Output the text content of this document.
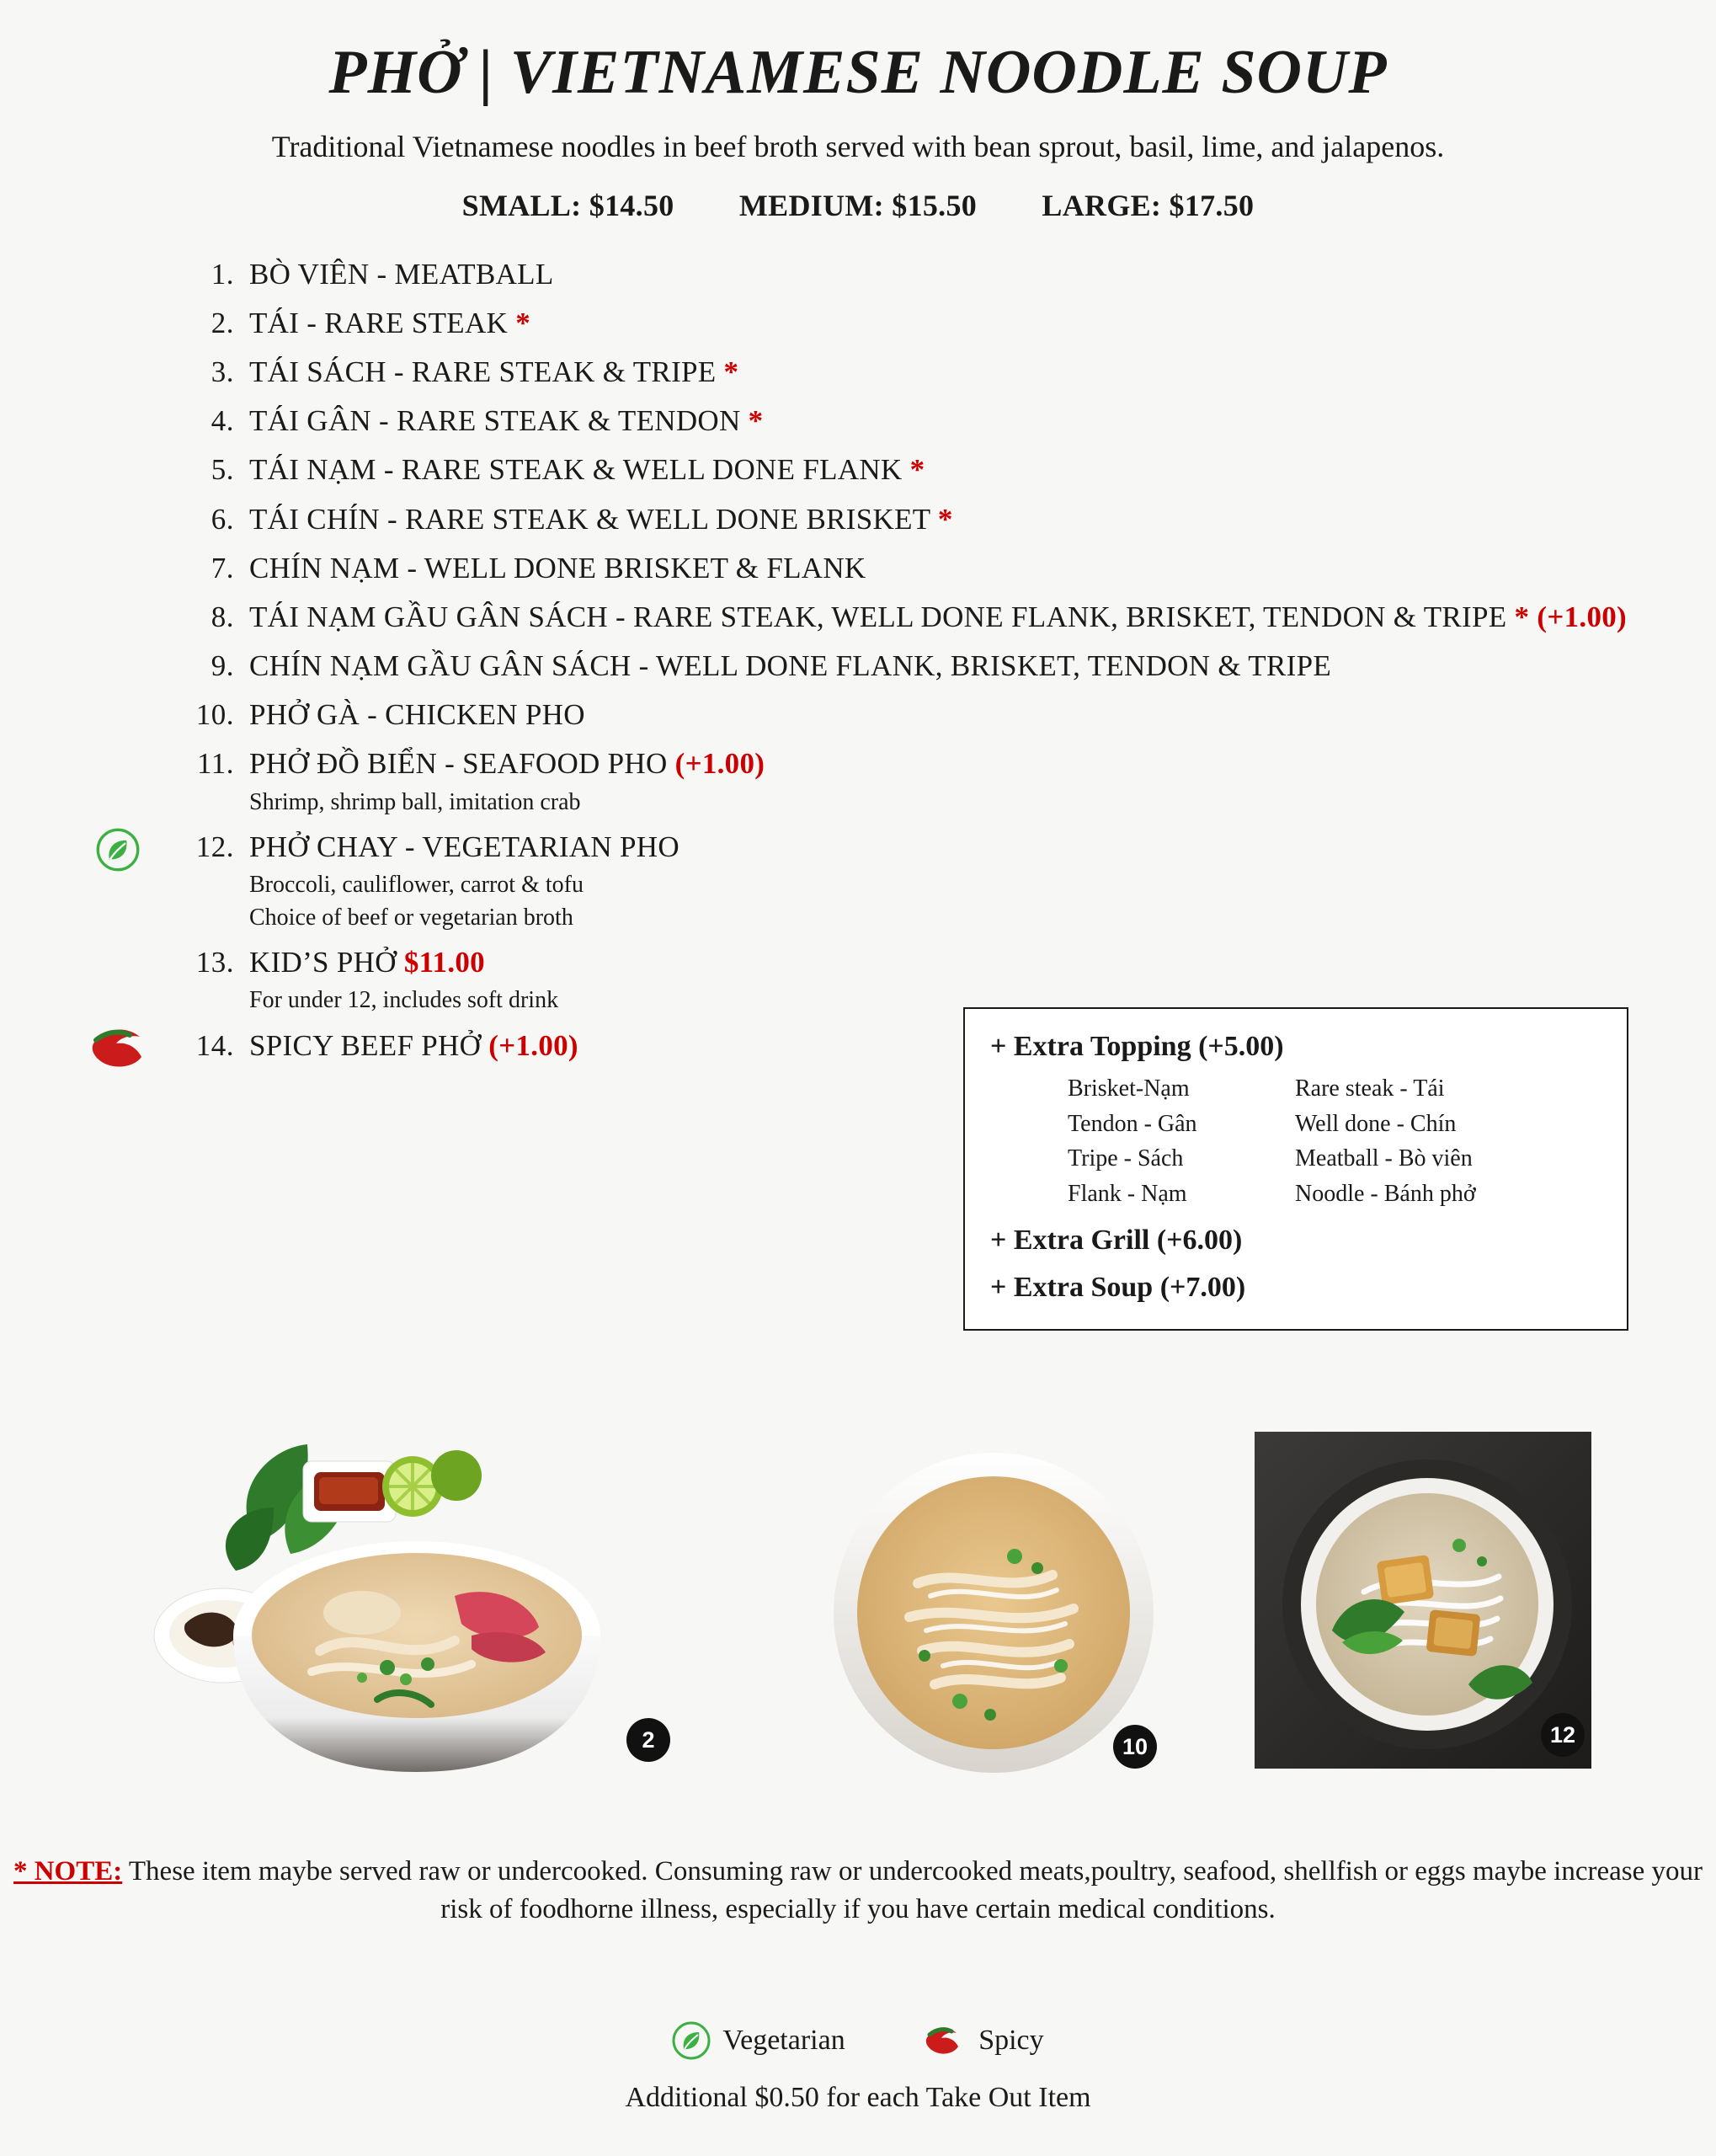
PHỞ | VIETNAMESE NOODLE SOUP
Traditional Vietnamese noodles in beef broth served with bean sprout, basil, lime, and jalapenos.
SMALL: $14.50 MEDIUM: $15.50 LARGE: $17.50
1. BÒ VIÊN - MEATBALL
2. TÁI - RARE STEAK *
3. TÁI SÁCH - RARE STEAK & TRIPE *
4. TÁI GÂN - RARE STEAK & TENDON *
5. TÁI NẠM - RARE STEAK & WELL DONE FLANK *
6. TÁI CHÍN - RARE STEAK & WELL DONE BRISKET *
7. CHÍN NẠM - WELL DONE BRISKET & FLANK
8. TÁI NẠM GẦU GÂN SÁCH - RARE STEAK, WELL DONE FLANK, BRISKET, TENDON & TRIPE * (+1.00)
9. CHÍN NẠM GẦU GÂN SÁCH - WELL DONE FLANK, BRISKET, TENDON & TRIPE
10. PHỞ GÀ - CHICKEN PHO
11. PHỞ ĐỒ BIỂN - SEAFOOD PHO (+1.00)
Shrimp, shrimp ball, imitation crab
12. PHỞ CHAY - VEGETARIAN PHO
Broccoli, cauliflower, carrot & tofu
Choice of beef or vegetarian broth
13. KID’S PHỞ $11.00
For under 12, includes soft drink
14. SPICY BEEF PHỞ (+1.00)	+ Extra Topping (+5.00)
Brisket-Nạm	Rare steak - Tái
Tendon - Gân	Well done - Chín
Tripe - Sách	Meatball - Bò viên
Flank - Nạm	Noodle - Bánh phở
+ Extra Grill (+6.00)
+ Extra Soup (+7.00)
2	10	12
* NOTE: These item maybe served raw or undercooked. Consuming raw or undercooked meats,poultry, seafood, shellfish or eggs maybe increase your risk of foodhorne illness, especially if you have certain medical conditions.
Vegetarian
	Spicy
Additional $0.50 for each Take Out Item
